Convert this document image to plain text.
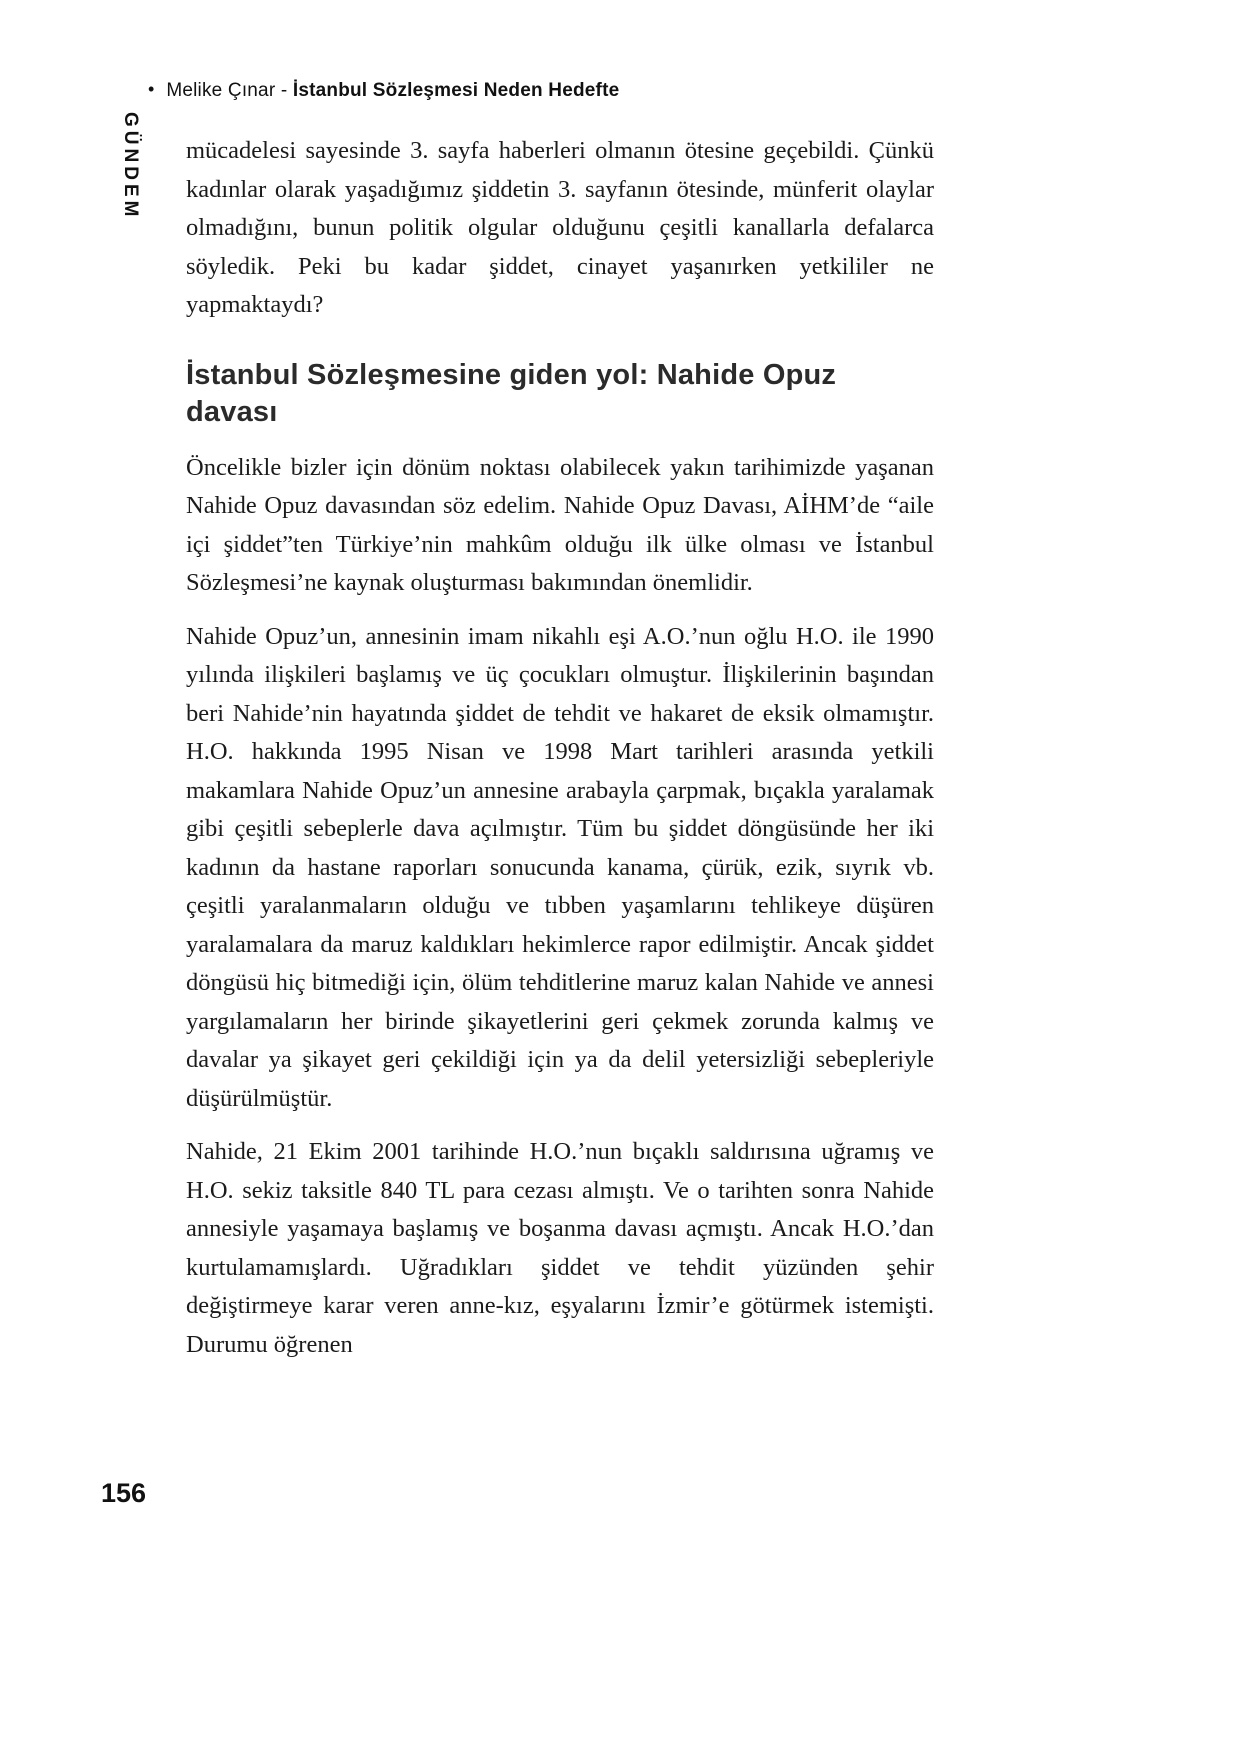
• Melike Çınar - İstanbul Sözleşmesi Neden Hedefte
GÜNDEM mücadelesi sayesinde 3. sayfa haberleri olmanın ötesine geçebildi. Çünkü kadınlar olarak yaşadığımız şiddetin 3. sayfanın ötesinde, münferit olaylar olmadığını, bunun politik olgular olduğunu çeşitli kanallarla defalarca söyledik. Peki bu kadar şiddet, cinayet yaşanırken yetkililer ne yapmaktaydı?

İstanbul Sözleşmesine giden yol: Nahide Opuz davası

Öncelikle bizler için dönüm noktası olabilecek yakın tarihimizde yaşanan Nahide Opuz davasından söz edelim. Nahide Opuz Davası, AİHM’de “aile içi şiddet”ten Türkiye’nin mahkûm olduğu ilk ülke olması ve İstanbul Sözleşmesi’ne kaynak oluşturması bakımından önemlidir.

Nahide Opuz’un, annesinin imam nikahlı eşi A.O.’nun oğlu H.O. ile 1990 yılında ilişkileri başlamış ve üç çocukları olmuştur. İlişkilerinin başından beri Nahide’nin hayatında şiddet de tehdit ve hakaret de eksik olmamıştır. H.O. hakkında 1995 Nisan ve 1998 Mart tarihleri arasında yetkili makamlara Nahide Opuz’un annesine arabayla çarpmak, bıçakla yaralamak gibi çeşitli sebeplerle dava açılmıştır. Tüm bu şiddet döngüsünde her iki kadının da hastane raporları sonucunda kanama, çürük, ezik, sıyrık vb. çeşitli yaralanmaların olduğu ve tıbben yaşamlarını tehlikeye düşüren yaralamalara da maruz kaldıkları hekimlerce rapor edilmiştir. Ancak şiddet döngüsü hiç bitmediği için, ölüm tehditlerine maruz kalan Nahide ve annesi yargılamaların her birinde şikayetlerini geri çekmek zorunda kalmış ve davalar ya şikayet geri çekildiği için ya da delil yetersizliği sebepleriyle düşürülmüştür.

Nahide, 21 Ekim 2001 tarihinde H.O.’nun bıçaklı saldırısına uğramış ve H.O. sekiz taksitle 840 TL para cezası almıştı. Ve o tarihten sonra Nahide annesiyle yaşamaya başlamış ve boşanma davası açmıştı. Ancak H.O.’dan kurtulamamışlardı. Uğradıkları şiddet ve tehdit yüzünden şehir değiştirmeye karar veren anne-kız, eşyalarını İzmir’e götürmek istemişti. Durumu öğrenen

156
